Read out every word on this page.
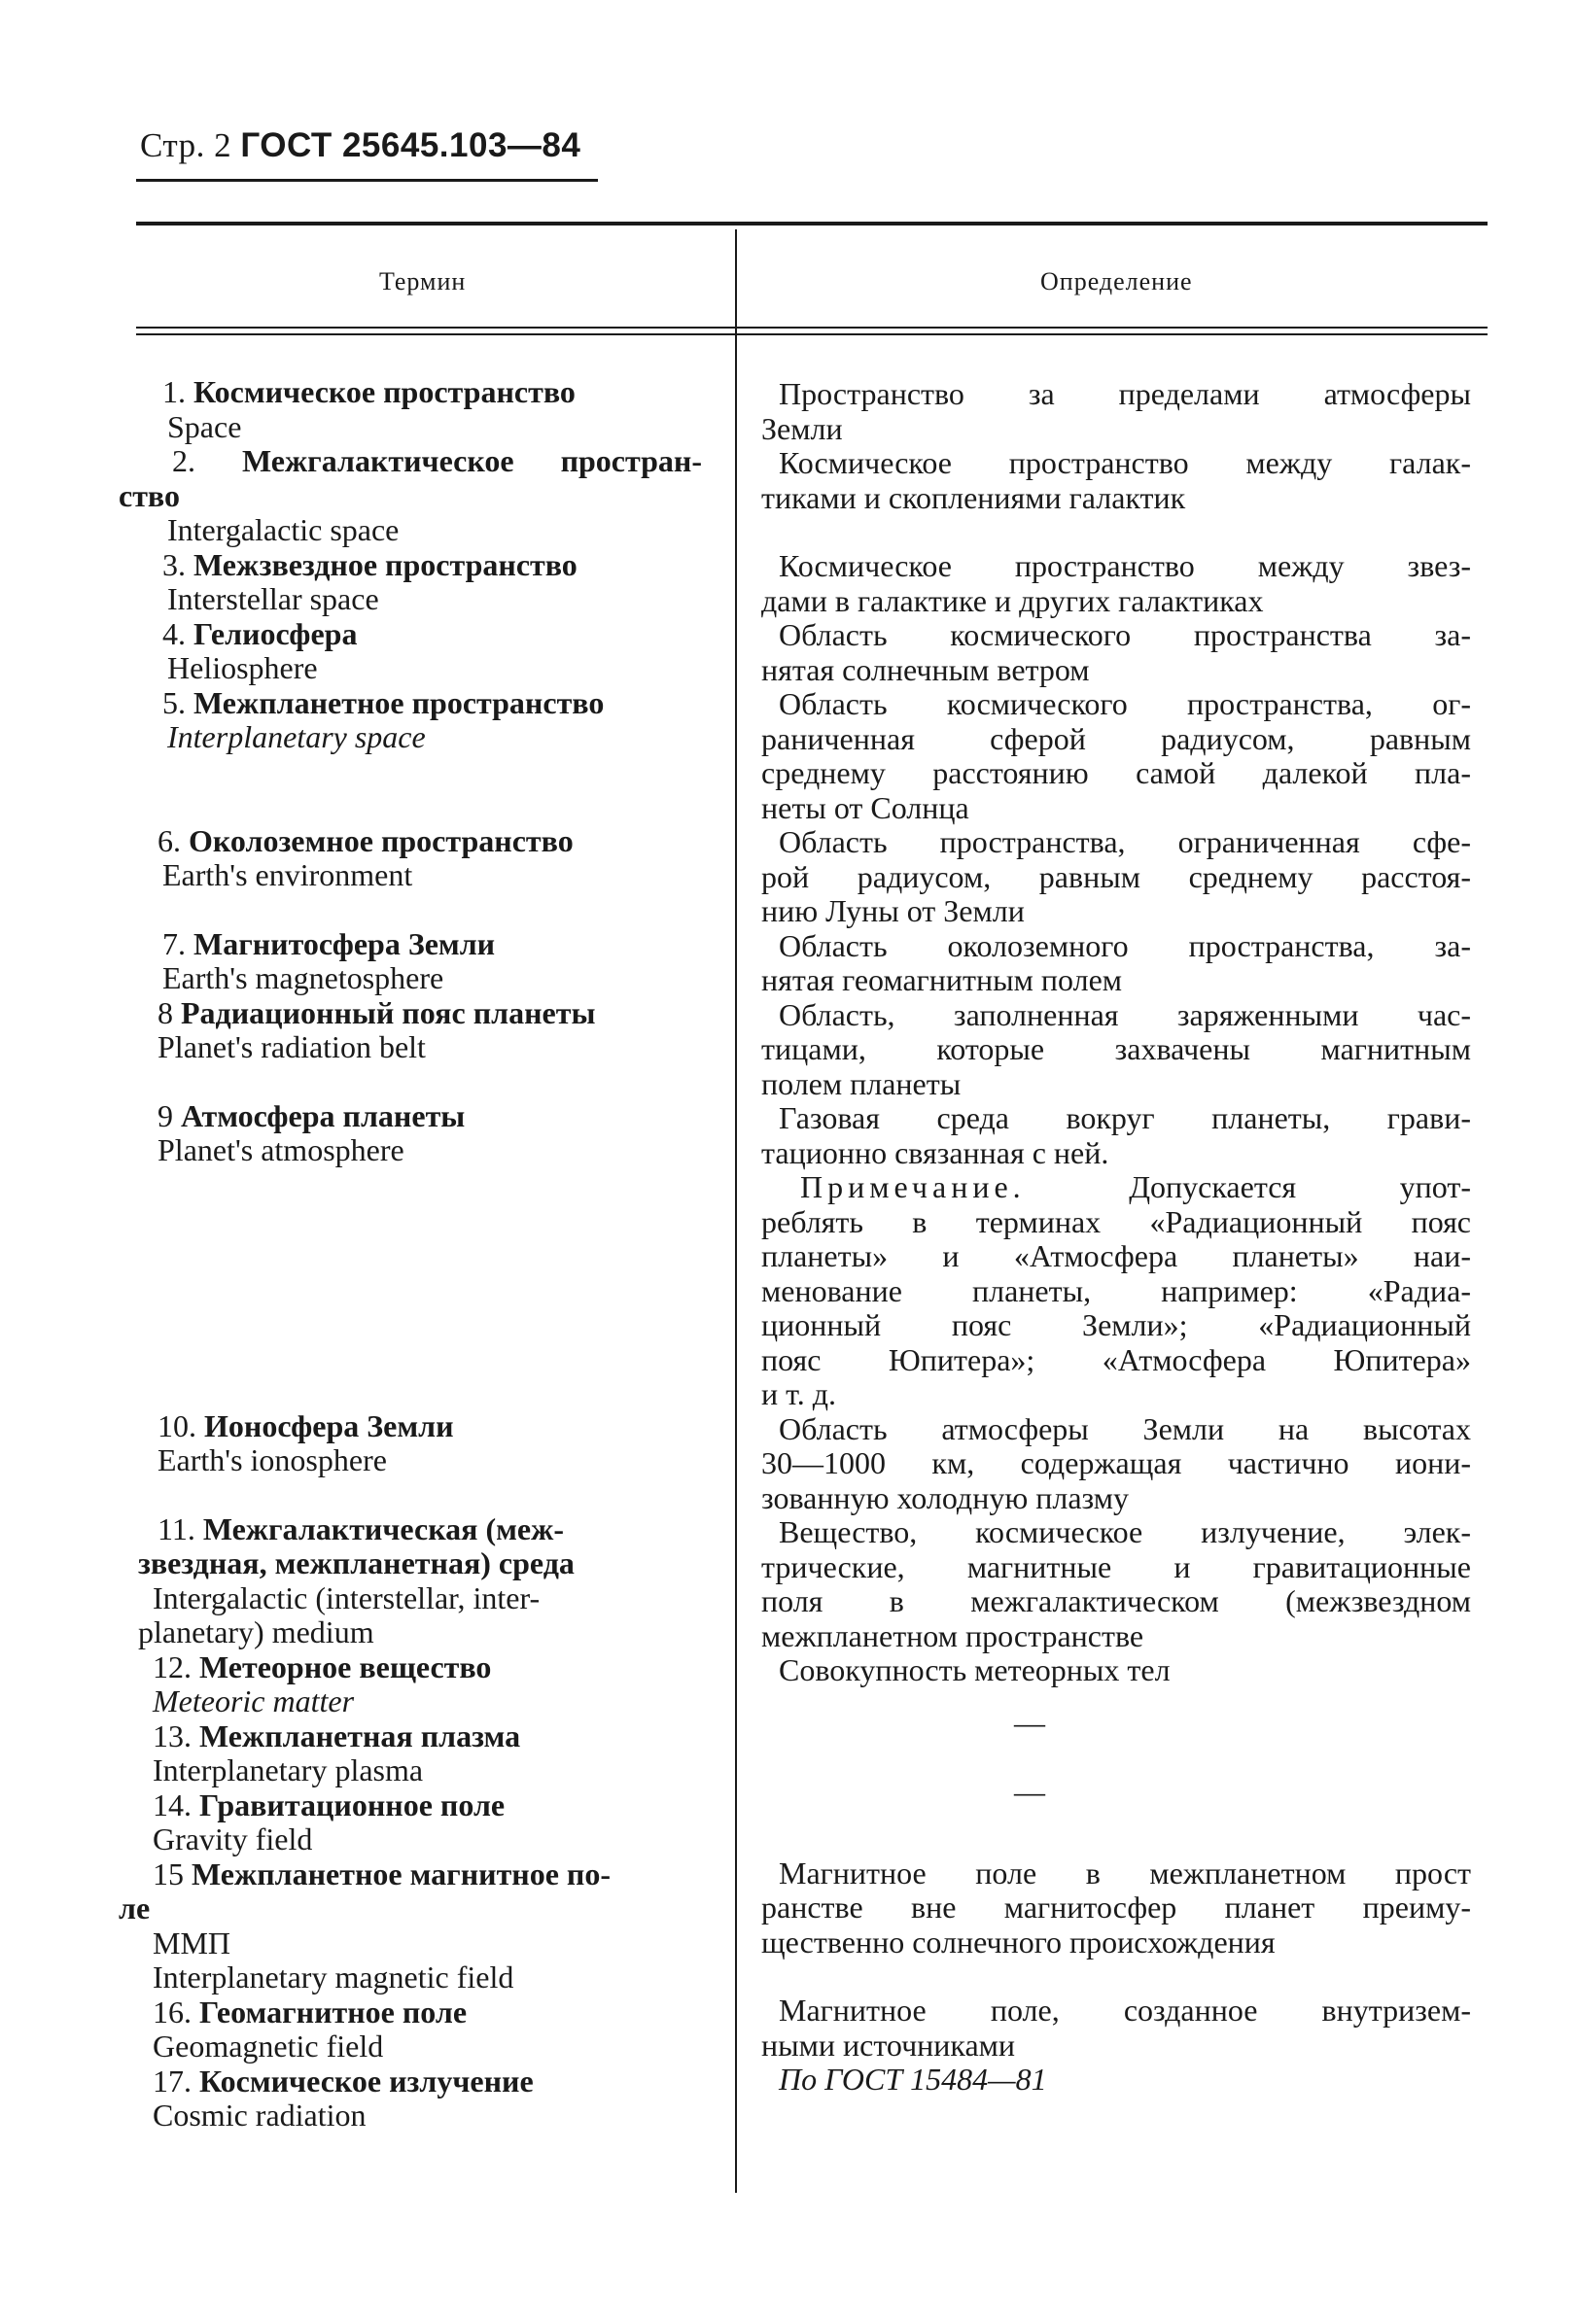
Стр. 2 ГОСТ 25645.103—84
Термин	Определение
1. Космическое пространство
Space
2. Межгалактическое простран-
ство
Intergalactic space
3. Межзвездное пространство
Interstellar space
4. Гелиосфера
Heliosphere
5. Межпланетное пространство
Interplanetary space
6. Околоземное пространство
Earth's environment
7. Магнитосфера Земли
Earth's magnetosphere
8 Радиационный пояс планеты
Planet's radiation belt
9 Атмосфера планеты
Planet's atmosphere
10. Ионосфера Земли
Earth's ionosphere
11. Межгалактическая (меж-
звездная, межпланетная) среда
Intergalactic (interstellar, inter-
planetary) medium
12. Метеорное вещество
Meteoric matter
13. Межпланетная плазма
Interplanetary plasma
14. Гравитационное поле
Gravity field
15 Межпланетное магнитное по-
ле
ММП
Interplanetary magnetic field
16. Геомагнитное поле
Geomagnetic field
17. Космическое излучение
Cosmic radiation
Пространство за пределами атмосферы
Земли
Космическое пространство между галак-
тиками и скоплениями галактик
Космическое пространство между звез-
дами в галактике и других галактиках
Область космического пространства за-
нятая солнечным ветром
Область космического пространства, ог-
раниченная сферой радиусом, равным
среднему расстоянию самой далекой пла-
неты от Солнца
Область пространства, ограниченная сфе-
рой радиусом, равным среднему расстоя-
нию Луны от Земли
Область околоземного пространства, за-
нятая геомагнитным полем
Область, заполненная заряженными час-
тицами, которые захвачены магнитным
полем планеты
Газовая среда вокруг планеты, грави-
тационно связанная с ней.
Примечание.	Допускается упот-
реблять в терминах «Радиационный пояс
планеты» и «Атмосфера планеты» наи-
менование планеты, например: «Радиа-
ционный пояс Земли»; «Радиационный
пояс Юпитера»; «Атмосфера Юпитера»
и т. д.
Область атмосферы Земли на высотах
30—1000 км, содержащая частично иони-
зованную холодную плазму
Вещество, космическое излучение, элек-
трические, магнитные и гравитационные
поля в межгалактическом (межзвездном
межпланетном пространстве
Совокупность метеорных тел
—
—
Магнитное поле в межпланетном прост
ранстве вне магнитосфер планет преиму-
щественно солнечного происхождения
Магнитное поле, созданное внутризем-
ными источниками
По ГОСТ 15484—81
